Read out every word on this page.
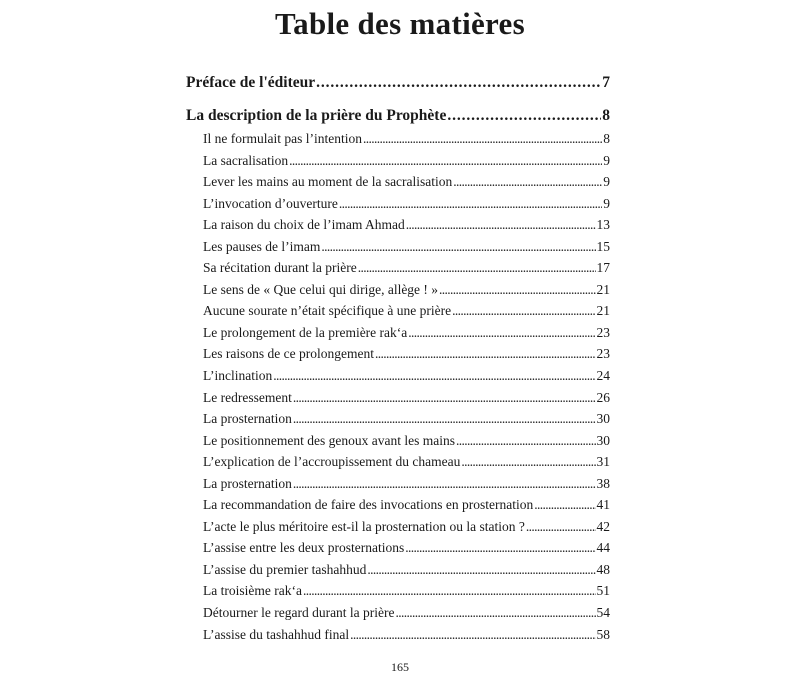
Table des matières
Préface de l'éditeur . . .	7
La description de la prière du Prophète . . .	8
Il ne formulait pas l’intention . . .	8
La sacralisation . . .	9
Lever les mains au moment de la sacralisation . . .	9
L’invocation d’ouverture . . .	9
La raison du choix de l’imam Ahmad . . .	13
Les pauses de l’imam . . .	15
Sa récitation durant la prière . . .	17
Le sens de « Que celui qui dirige, allège ! » . . .	21
Aucune sourate n’était spécifique à une prière . . .	21
Le prolongement de la première rak‘a . . .	23
Les raisons de ce prolongement . . .	23
L’inclination . . .	24
Le redressement . . .	26
La prosternation . . .	30
Le positionnement des genoux avant les mains . . .	30
L’explication de l’accroupissement du chameau . . .	31
La prosternation . . .	38
La recommandation de faire des invocations en prosternation . . .	41
L’acte le plus méritoire est-il la prosternation ou la station ? . . .	42
L’assise entre les deux prosternations . . .	44
L’assise du premier tashahhud . . .	48
La troisième rak‘a . . .	51
Détourner le regard durant la prière . . .	54
L’assise du tashahhud final . . .	58
165
